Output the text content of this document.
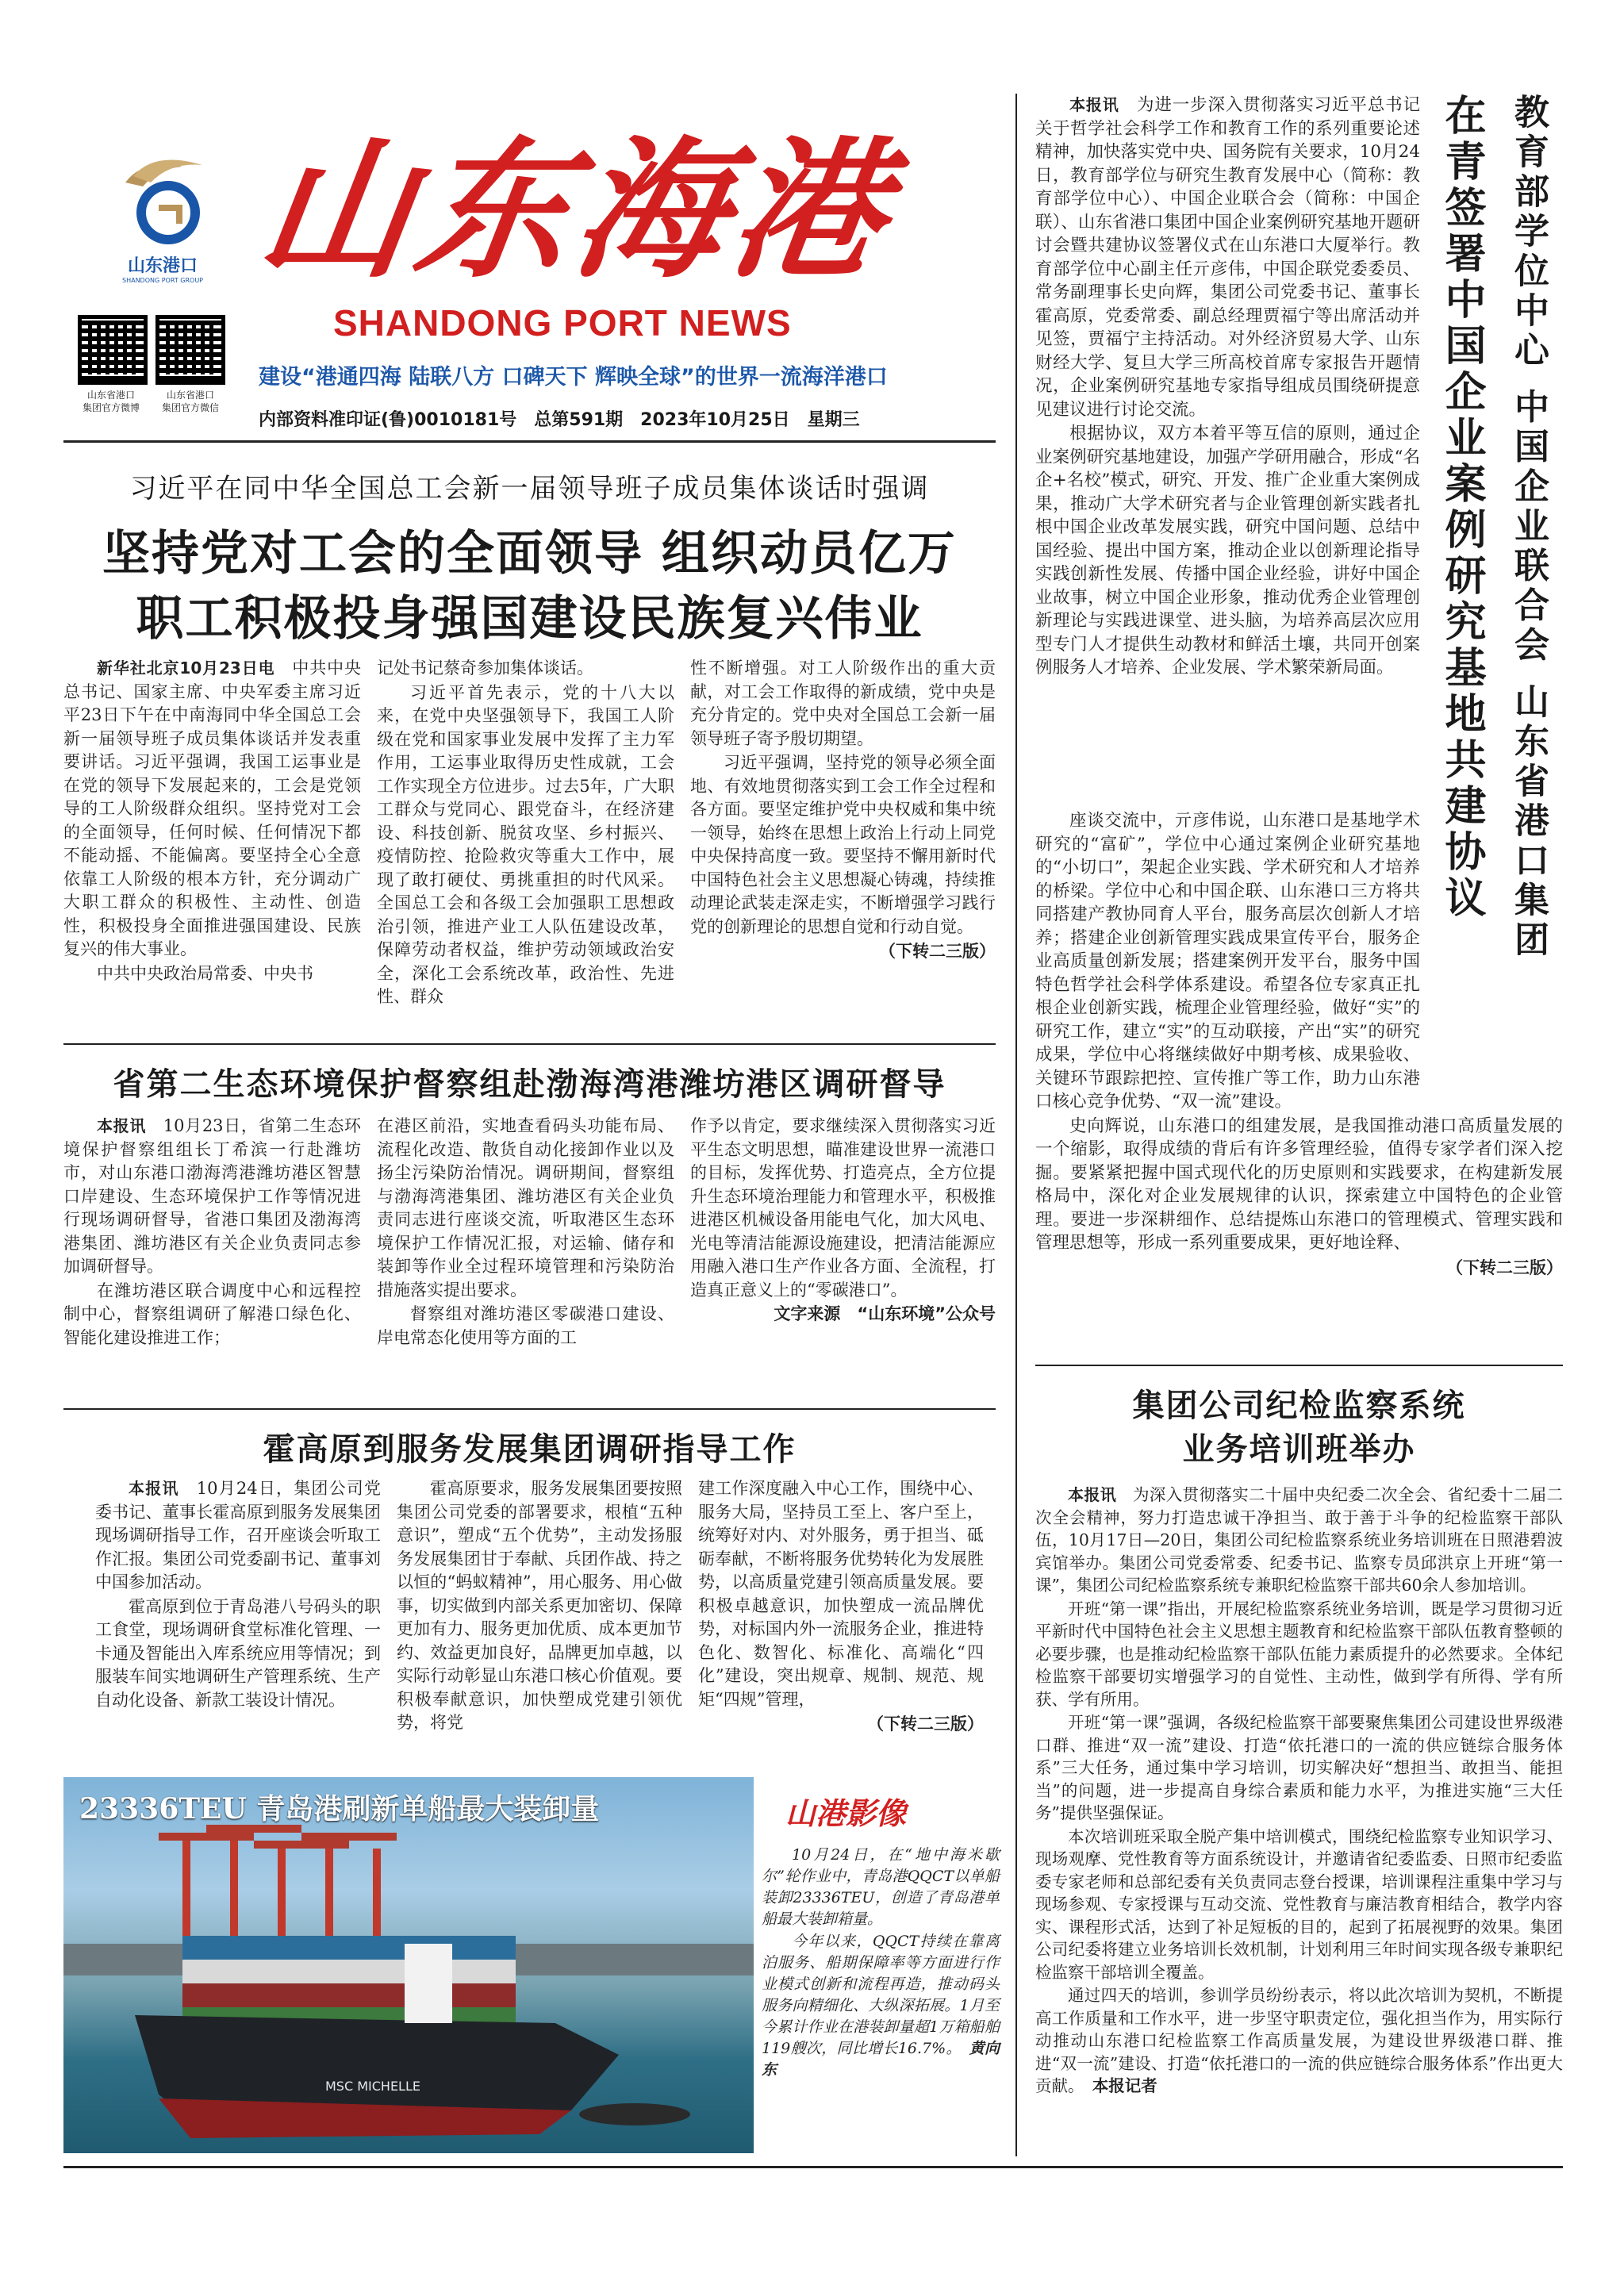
山东港口
SHANDONG PORT GROUP 山东海港
SHANDONG PORT NEWS
山东省港口
集团官方微博
山东省港口
集团官方微信
建设“港通四海 陆联八方 口碑天下 辉映全球”的世界一流海洋港口
内部资料准印证(鲁)0010181号　总第591期　2023年10月25日　星期三
习近平在同中华全国总工会新一届领导班子成员集体谈话时强调
坚持党对工会的全面领导 组织动员亿万
职工积极投身强国建设民族复兴伟业

新华社北京10月23日电　 中共中央总书记、国家主席、中央军委主席习近平23日下午在中南海同中华全国总工会新一届领导班子成员集体谈话并发表重要讲话。习近平强调，我国工运事业是在党的领导下发展起来的，工会是党领导的工人阶级群众组织。坚持党对工会的全面领导，任何时候、任何情况下都不能动摇、不能偏离。要坚持全心全意依靠工人阶级的根本方针，充分调动广大职工群众的积极性、主动性、创造性，积极投身全面推进强国建设、民族复兴的伟大事业。

中共中央政治局常委、中央书

记处书记蔡奇参加集体谈话。

习近平首先表示，党的十八大以来，在党中央坚强领导下，我国工人阶级在党和国家事业发展中发挥了主力军作用，工运事业取得历史性成就，工会工作实现全方位进步。过去5年，广大职工群众与党同心、跟党奋斗，在经济建设、科技创新、脱贫攻坚、乡村振兴、疫情防控、抢险救灾等重大工作中，展现了敢打硬仗、勇挑重担的时代风采。全国总工会和各级工会加强职工思想政治引领，推进产业工人队伍建设改革，保障劳动者权益，维护劳动领域政治安全，深化工会系统改革，政治性、先进性、群众

性不断增强。对工人阶级作出的重大贡献，对工会工作取得的新成绩，党中央是充分肯定的。党中央对全国总工会新一届领导班子寄予殷切期望。

习近平强调，坚持党的领导必须全面地、有效地贯彻落实到工会工作全过程和各方面。要坚定维护党中央权威和集中统一领导，始终在思想上政治上行动上同党中央保持高度一致。要坚持不懈用新时代中国特色社会主义思想凝心铸魂，持续推动理论武装走深走实，不断增强学习践行党的创新理论的思想自觉和行动自觉。

（下转二三版）

省第二生态环境保护督察组赴渤海湾港潍坊港区调研督导

本报讯　 10月23日，省第二生态环境保护督察组组长丁希滨一行赴潍坊市，对山东港口渤海湾港潍坊港区智慧口岸建设、生态环境保护工作等情况进行现场调研督导，省港口集团及渤海湾港集团、潍坊港区有关企业负责同志参加调研督导。

在潍坊港区联合调度中心和远程控制中心，督察组调研了解港口绿色化、智能化建设推进工作；

在港区前沿，实地查看码头功能布局、流程化改造、散货自动化接卸作业以及扬尘污染防治情况。调研期间，督察组与渤海湾港集团、潍坊港区有关企业负责同志进行座谈交流，听取港区生态环境保护工作情况汇报，对运输、储存和装卸等作业全过程环境管理和污染防治措施落实提出要求。

督察组对潍坊港区零碳港口建设、岸电常态化使用等方面的工

作予以肯定，要求继续深入贯彻落实习近平生态文明思想，瞄准建设世界一流港口的目标，发挥优势、打造亮点，全方位提升生态环境治理能力和管理水平，积极推进港区机械设备用能电气化，加大风电、光电等清洁能源设施建设，把清洁能源应用融入港口生产作业各方面、全流程，打造真正意义上的“零碳港口”。

文字来源　“山东环境”公众号

霍高原到服务发展集团调研指导工作

本报讯　 10月24日，集团公司党委书记、董事长霍高原到服务发展集团现场调研指导工作，召开座谈会听取工作汇报。集团公司党委副书记、董事刘中国参加活动。

霍高原到位于青岛港八号码头的职工食堂，现场调研食堂标准化管理、一卡通及智能出入库系统应用等情况；到服装车间实地调研生产管理系统、生产自动化设备、新款工装设计情况。

霍高原要求，服务发展集团要按照集团公司党委的部署要求，根植“五种意识”，塑成“五个优势”，主动发扬服务发展集团甘于奉献、兵团作战、持之以恒的“蚂蚁精神”，用心服务、用心做事，切实做到内部关系更加密切、保障更加有力、服务更加优质、成本更加节约、效益更加良好，品牌更加卓越，以实际行动彰显山东港口核心价值观。要积极奉献意识，加快塑成党建引领优势，将党

建工作深度融入中心工作，围绕中心、服务大局，坚持员工至上、客户至上，统筹好对内、对外服务，勇于担当、砥砺奉献，不断将服务优势转化为发展胜势，以高质量党建引领高质量发展。要积极卓越意识，加快塑成一流品牌优势，对标国内外一流服务企业，推进特色化、数智化、标准化、高端化“四化”建设，突出规章、规制、规范、规矩“四规”管理，

（下转二三版）

MSC MICHELLE
23336TEU 青岛港刷新单船最大装卸量	山港影像

10月24日，在“地中海米歇尔”轮作业中，青岛港QQCT以单船装卸23336TEU，创造了青岛港单船最大装卸箱量。

今年以来，QQCT持续在靠离泊服务、船期保障率等方面进行作业模式创新和流程再造，推动码头服务向精细化、大纵深拓展。1月至今累计作业在港装卸量超1万箱船舶119艘次，同比增长16.7%。　 黄向东

教育部学位中心 中国企业联合会 山东省港口集团
在青签署中国企业案例研究基地共建协议

本报讯　 为进一步深入贯彻落实习近平总书记关于哲学社会科学工作和教育工作的系列重要论述精神，加快落实党中央、国务院有关要求，10月24日，教育部学位与研究生教育发展中心（简称：教育部学位中心）、中国企业联合会（简称：中国企联）、山东省港口集团中国企业案例研究基地开题研讨会暨共建协议签署仪式在山东港口大厦举行。教育部学位中心副主任亓彦伟，中国企联党委委员、常务副理事长史向辉，集团公司党委书记、董事长霍高原，党委常委、副总经理贾福宁等出席活动并见签，贾福宁主持活动。对外经济贸易大学、山东财经大学、复旦大学三所高校首席专家报告开题情况，企业案例研究基地专家指导组成员围绕研提意见建议进行讨论交流。

根据协议，双方本着平等互信的原则，通过企业案例研究基地建设，加强产学研用融合，形成“名企+名校”模式，研究、开发、推广企业重大案例成果，推动广大学术研究者与企业管理创新实践者扎根中国企业改革发展实践，研究中国问题、总结中国经验、提出中国方案，推动企业以创新理论指导实践创新性发展、传播中国企业经验，讲好中国企业故事，树立中国企业形象，推动优秀企业管理创新理论与实践进课堂、进头脑，为培养高层次应用型专门人才提供生动教材和鲜活土壤，共同开创案例服务人才培养、企业发展、学术繁荣新局面。

座谈交流中，亓彦伟说，山东港口是基地学术研究的“富矿”，学位中心通过案例企业研究基地的“小切口”，架起企业实践、学术研究和人才培养的桥梁。学位中心和中国企联、山东港口三方将共同搭建产教协同育人平台，服务高层次创新人才培养；搭建企业创新管理实践成果宣传平台，服务企业高质量创新发展；搭建案例开发平台，服务中国特色哲学社会科学体系建设。希望各位专家真正扎根企业创新实践，梳理企业管理经验，做好“实”的研究工作，建立“实”的互动联接，产出“实”的研究成果，学位中心将继续做好中期考核、成果验收、关键环节跟踪把控、宣传推广等工作，助力山东港口核心竞争优势、“双一流”建设。

史向辉说，山东港口的组建发展，是我国推动港口高质量发展的一个缩影，取得成绩的背后有许多管理经验，值得专家学者们深入挖掘。要紧紧把握中国式现代化的历史原则和实践要求，在构建新发展格局中，深化对企业发展规律的认识，探索建立中国特色的企业管理。要进一步深耕细作、总结提炼山东港口的管理模式、管理实践和管理思想等，形成一系列重要成果，更好地诠释、

（下转二三版）

集团公司纪检监察系统
业务培训班举办

本报讯　 为深入贯彻落实二十届中央纪委二次全会、省纪委十二届二次全会精神，努力打造忠诚干净担当、敢于善于斗争的纪检监察干部队伍，10月17日—20日，集团公司纪检监察系统业务培训班在日照港碧波宾馆举办。集团公司党委常委、纪委书记、监察专员邱洪京上开班“第一课”，集团公司纪检监察系统专兼职纪检监察干部共60余人参加培训。

开班“第一课”指出，开展纪检监察系统业务培训，既是学习贯彻习近平新时代中国特色社会主义思想主题教育和纪检监察干部队伍教育整顿的必要步骤，也是推动纪检监察干部队伍能力素质提升的必然要求。全体纪检监察干部要切实增强学习的自觉性、主动性，做到学有所得、学有所获、学有所用。

开班“第一课”强调，各级纪检监察干部要聚焦集团公司建设世界级港口群、推进“双一流”建设、打造“依托港口的一流的供应链综合服务体系”三大任务，通过集中学习培训，切实解决好“想担当、敢担当、能担当”的问题，进一步提高自身综合素质和能力水平，为推进实施“三大任务”提供坚强保证。

本次培训班采取全脱产集中培训模式，围绕纪检监察专业知识学习、现场观摩、党性教育等方面系统设计，并邀请省纪委监委、日照市纪委监委专家老师和总部纪委有关负责同志登台授课，培训课程注重集中学习与现场参观、专家授课与互动交流、党性教育与廉洁教育相结合，教学内容实、课程形式活，达到了补足短板的目的，起到了拓展视野的效果。集团公司纪委将建立业务培训长效机制，计划利用三年时间实现各级专兼职纪检监察干部培训全覆盖。

通过四天的培训，参训学员纷纷表示，将以此次培训为契机，不断提高工作质量和工作水平，进一步坚守职责定位，强化担当作为，用实际行动推动山东港口纪检监察工作高质量发展，为建设世界级港口群、推进“双一流”建设、打造“依托港口的一流的供应链综合服务体系”作出更大贡献。　 本报记者
